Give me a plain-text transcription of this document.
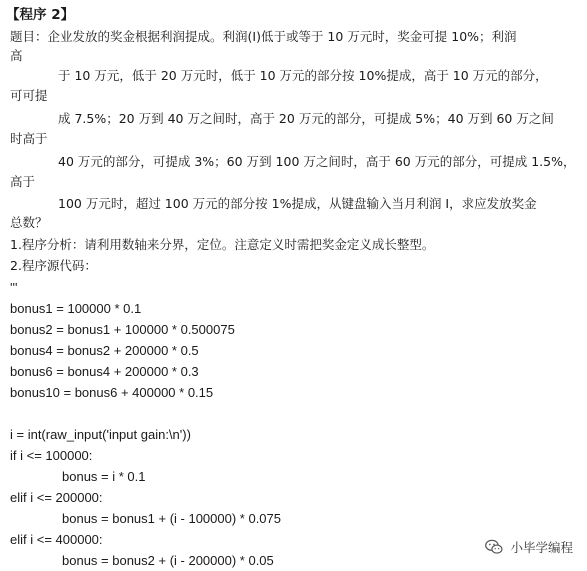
【程序 2】
题目：企业发放的奖金根据利润提成。利润(I)低于或等于 10 万元时，奖金可提 10%；利润
高
于 10 万元，低于 20 万元时，低于 10 万元的部分按 10%提成，高于 10 万元的部分，
可可提
成 7.5%；20 万到 40 万之间时，高于 20 万元的部分，可提成 5%；40 万到 60 万之间
时高于
40 万元的部分，可提成 3%；60 万到 100 万之间时，高于 60 万元的部分，可提成 1.5%，
高于
100 万元时，超过 100 万元的部分按 1%提成，从键盘输入当月利润 I，求应发放奖金
总数？
1.程序分析：请利用数轴来分界，定位。注意定义时需把奖金定义成长整型。
2.程序源代码：
'''
bonus1 = 100000 * 0.1
bonus2 = bonus1 + 100000 * 0.500075
bonus4 = bonus2 + 200000 * 0.5
bonus6 = bonus4 + 200000 * 0.3
bonus10 = bonus6 + 400000 * 0.15
i = int(raw_input('input gain:\n'))
if i <= 100000:
bonus = i * 0.1
elif i <= 200000:
bonus = bonus1 + (i - 100000) * 0.075
elif i <= 400000:
bonus = bonus2 + (i - 200000) * 0.05
小毕学编程
